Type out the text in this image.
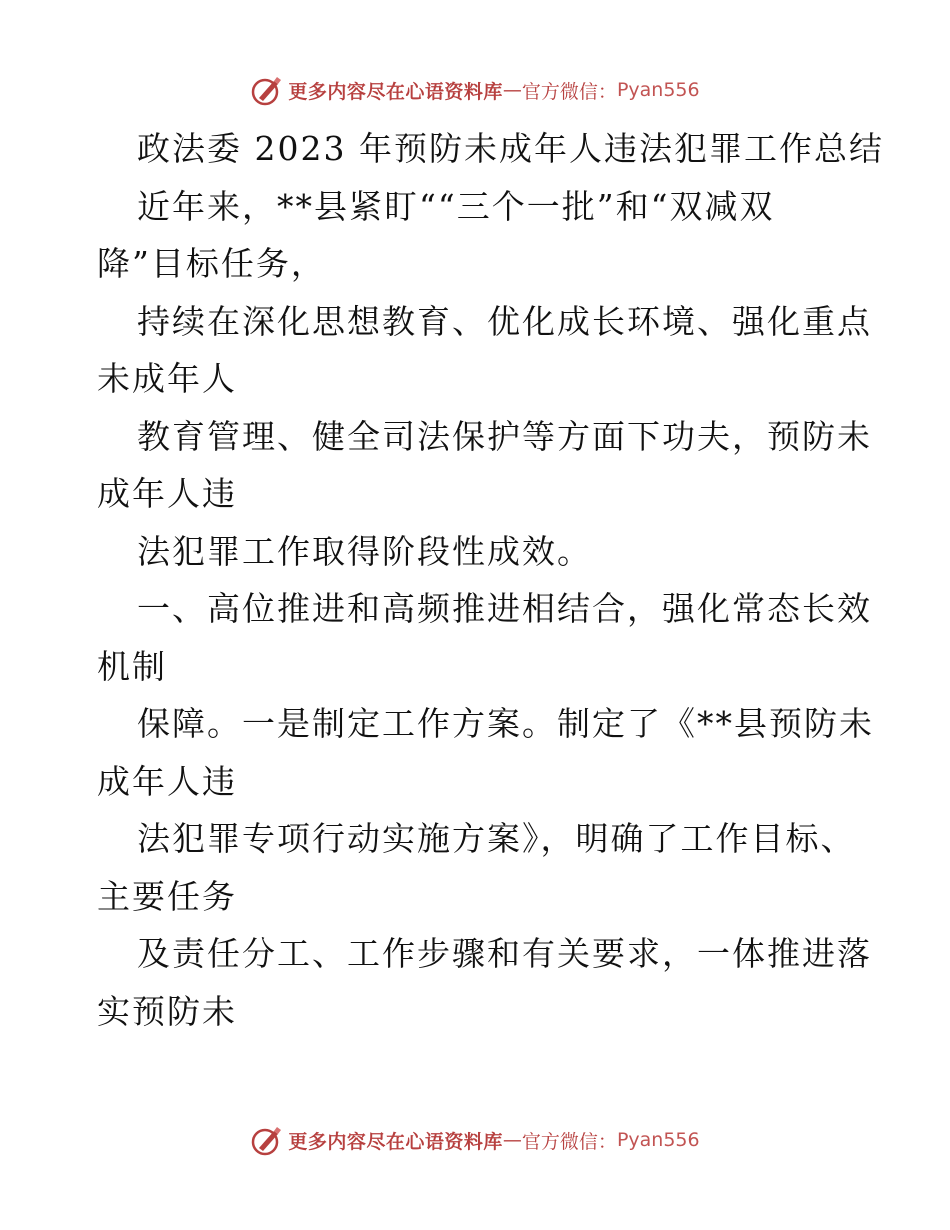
更多内容尽在心语资料库 — 官方微信： Pyan556
政法委 2023 年预防未成年人违法犯罪工作总结
近年来，**县紧盯““三个一批”和“双减双
降”目标任务，
持续在深化思想教育、优化成长环境、强化重点
未成年人
教育管理、健全司法保护等方面下功夫，预防未
成年人违
法犯罪工作取得阶段性成效。
一、高位推进和高频推进相结合，强化常态长效
机制
保障。一是制定工作方案。制定了《**县预防未
成年人违
法犯罪专项行动实施方案》，明确了工作目标、
主要任务
及责任分工、工作步骤和有关要求，一体推进落
实预防未
更多内容尽在心语资料库 — 官方微信： Pyan556
